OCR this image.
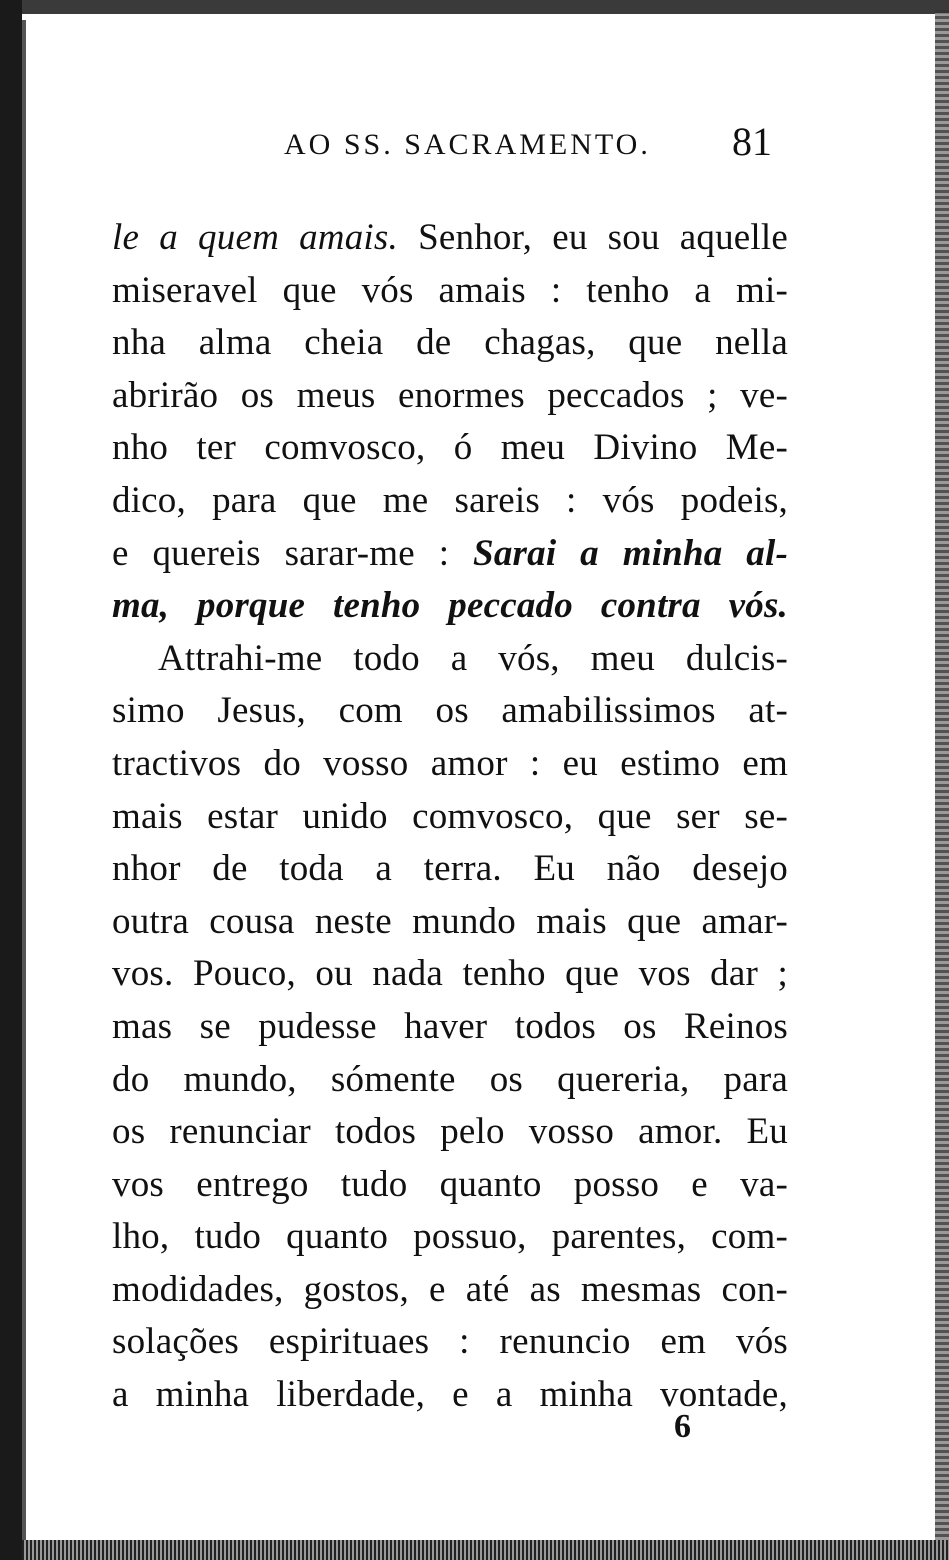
AO SS. SACRAMENTO. 81
le a quem amais. Senhor, eu sou aquelle
miseravel que vós amais : tenho a mi-
nha alma cheia de chagas, que nella
abrirão os meus enormes peccados ; ve-
nho ter comvosco, ó meu Divino Me-
dico, para que me sareis : vós podeis,
e quereis sarar-me : Sarai a minha al-
ma, porque tenho peccado contra vós.
Attrahi-me todo a vós, meu dulcis-
simo Jesus, com os amabilissimos at-
tractivos do vosso amor : eu estimo em
mais estar unido comvosco, que ser se-
nhor de toda a terra. Eu não desejo
outra cousa neste mundo mais que amar-
vos. Pouco, ou nada tenho que vos dar ;
mas se pudesse haver todos os Reinos
do mundo, sómente os quereria, para
os renunciar todos pelo vosso amor. Eu
vos entrego tudo quanto posso e va-
lho, tudo quanto possuo, parentes, com-
modidades, gostos, e até as mesmas con-
solações espirituaes : renuncio em vós
a minha liberdade, e a minha vontade,
6
